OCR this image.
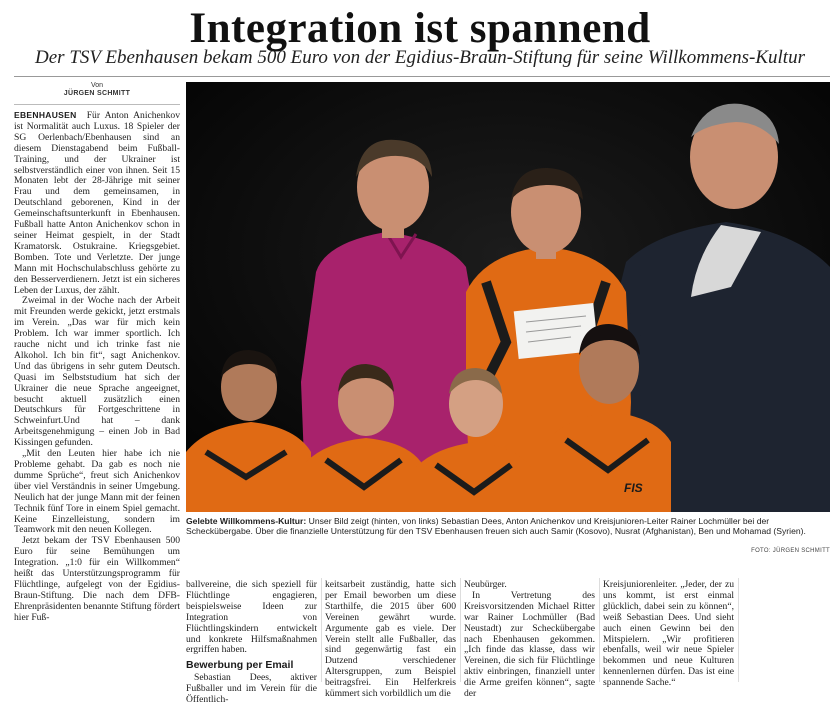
Integration ist spannend
Der TSV Ebenhausen bekam 500 Euro von der Egidius-Braun-Stiftung für seine Willkommens-Kultur
Von
JÜRGEN SCHMITT

EBENHAUSEN Für Anton Anichenkov ist Normalität auch Luxus. 18 Spieler der SG Oerlenbach/Ebenhausen sind an diesem Dienstagabend beim Fußball-Training, und der Ukrainer ist selbstverständlich einer von ihnen. Seit 15 Monaten lebt der 28-Jährige mit seiner Frau und dem gemeinsamen, in Deutschland geborenen, Kind in der Gemeinschaftsunterkunft in Ebenhausen. Fußball hatte Anton Anichenkov schon in seiner Heimat gespielt, in der Stadt Kramatorsk. Ostukraine. Kriegsgebiet. Bomben. Tote und Verletzte. Der junge Mann mit Hochschulabschluss gehörte zu den Besserverdienern. Jetzt ist ein sicheres Leben der Luxus, der zählt.

Zweimal in der Woche nach der Arbeit mit Freunden werde gekickt, jetzt erstmals im Verein. „Das war für mich kein Problem. Ich war immer sportlich. Ich rauche nicht und ich trinke fast nie Alkohol. Ich bin fit“, sagt Anichenkov. Und das übrigens in sehr gutem Deutsch. Quasi im Selbststudium hat sich der Ukrainer die neue Sprache angeeignet, besucht aktuell zusätzlich einen Deutschkurs für Fortgeschrittene in Schweinfurt.Und hat – dank Arbeitsgenehmigung – einen Job in Bad Kissingen gefunden.

„Mit den Leuten hier habe ich nie Probleme gehabt. Da gab es noch nie dumme Sprüche“, freut sich Anichenkov über viel Verständnis in seiner Umgebung. Neulich hat der junge Mann mit der feinen Technik fünf Tore in einem Spiel gemacht. Keine Einzelleistung, sondern im Teamwork mit den neuen Kollegen.

Jetzt bekam der TSV Ebenhausen 500 Euro für seine Bemühungen um Integration. „1:0 für ein Willkommen“ heißt das Unterstützungsprogramm für Flüchtlinge, aufgelegt von der Egidius-Braun-Stiftung. Die nach dem DFB-Ehrenpräsidenten benannte Stiftung fördert hier Fuß-

FIS
Gelebte Willkommens-Kultur: Unser Bild zeigt (hinten, von links) Sebastian Dees, Anton Anichenkov und Kreisjunioren-Leiter Rainer Lochmüller bei der Scheckübergabe. Über die finanzielle Unterstützung für den TSV Ebenhausen freuen sich auch Samir (Kosovo), Nusrat (Afghanistan), Ben und Mohamad (Syrien).
FOTO: JÜRGEN SCHMITT

ballvereine, die sich speziell für Flüchtlinge engagieren, beispielsweise Ideen zur Integration von Flüchtlingskindern entwickelt und konkrete Hilfsmaßnahmen ergriffen haben.

Bewerbung per Email

Sebastian Dees, aktiver Fußballer und im Verein für die Öffentlich-

keitsarbeit zuständig, hatte sich per Email beworben um diese Starthilfe, die 2015 über 600 Vereinen gewährt wurde. Argumente gab es viele. Der Verein stellt alle Fußballer, das sind gegenwärtig fast ein Dutzend verschiedener Altersgruppen, zum Beispiel beitragsfrei. Ein Helferkreis kümmert sich vorbildlich um die

Neubürger.

In Vertretung des Kreisvorsitzenden Michael Ritter war Rainer Lochmüller (Bad Neustadt) zur Scheckübergabe nach Ebenhausen gekommen. „Ich finde das klasse, dass wir Vereinen, die sich für Flüchtlinge aktiv einbringen, finanziell unter die Arme greifen können“, sagte der

Kreisjuniorenleiter. „Jeder, der zu uns kommt, ist erst einmal glücklich, dabei sein zu können“, weiß Sebastian Dees. Und sieht auch einen Gewinn bei den Mitspielern. „Wir profitieren ebenfalls, weil wir neue Spieler bekommen und neue Kulturen kennenlernen dürfen. Das ist eine spannende Sache.“
